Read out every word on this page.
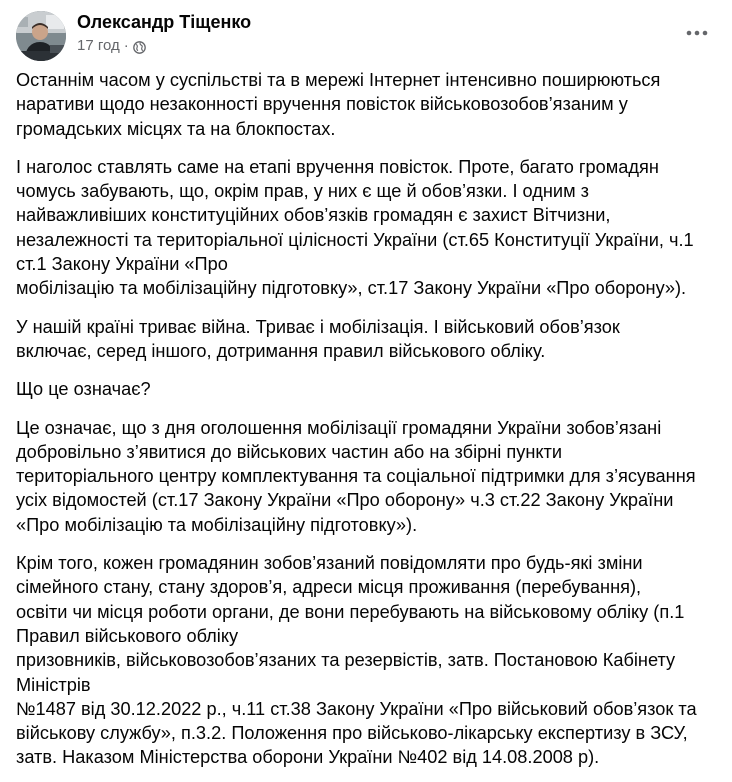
Олександр Тіщенко
17 год ·

Останнім часом у суспільстві та в мережі Інтернет інтенсивно поширюються
наративи щодо незаконності вручення повісток військовозобов’язаним у
громадських місцях та на блокпостах.

І наголос ставлять саме на етапі вручення повісток. Проте, багато громадян
чомусь забувають, що, окрім прав, у них є ще й обов’язки. І одним з
найважливіших конституційних обов’язків громадян є захист Вітчизни,
незалежності та територіальної цілісності України (ст.65 Конституції України, ч.1
ст.1 Закону України «Про
мобілізацію та мобілізаційну підготовку», ст.17 Закону України «Про оборону»).

У нашій країні триває війна. Триває і мобілізація. І військовий обов’язок
включає, серед іншого, дотримання правил військового обліку.

Що це означає?

Це означає, що з дня оголошення мобілізації громадяни України зобов’язані
добровільно з’явитися до військових частин або на збірні пункти
територіального центру комплектування та соціальної підтримки для з’ясування
усіх відомостей (ст.17 Закону України «Про оборону» ч.3 ст.22 Закону України
«Про мобілізацію та мобілізаційну підготовку»).

Крім того, кожен громадянин зобов’язаний повідомляти про будь-які зміни
сімейного стану, стану здоров’я, адреси місця проживання (перебування),
освіти чи місця роботи органи, де вони перебувають на військовому обліку (п.1
Правил військового обліку
призовників, військовозобов’язаних та резервістів, затв. Постановою Кабінету
Міністрів
№1487 від 30.12.2022 р., ч.11 ст.38 Закону України «Про військовий обов’язок та
військову службу», п.3.2. Положення про військово-лікарську експертизу в ЗСУ,
затв. Наказом Міністерства оборони України №402 від 14.08.2008 р).
